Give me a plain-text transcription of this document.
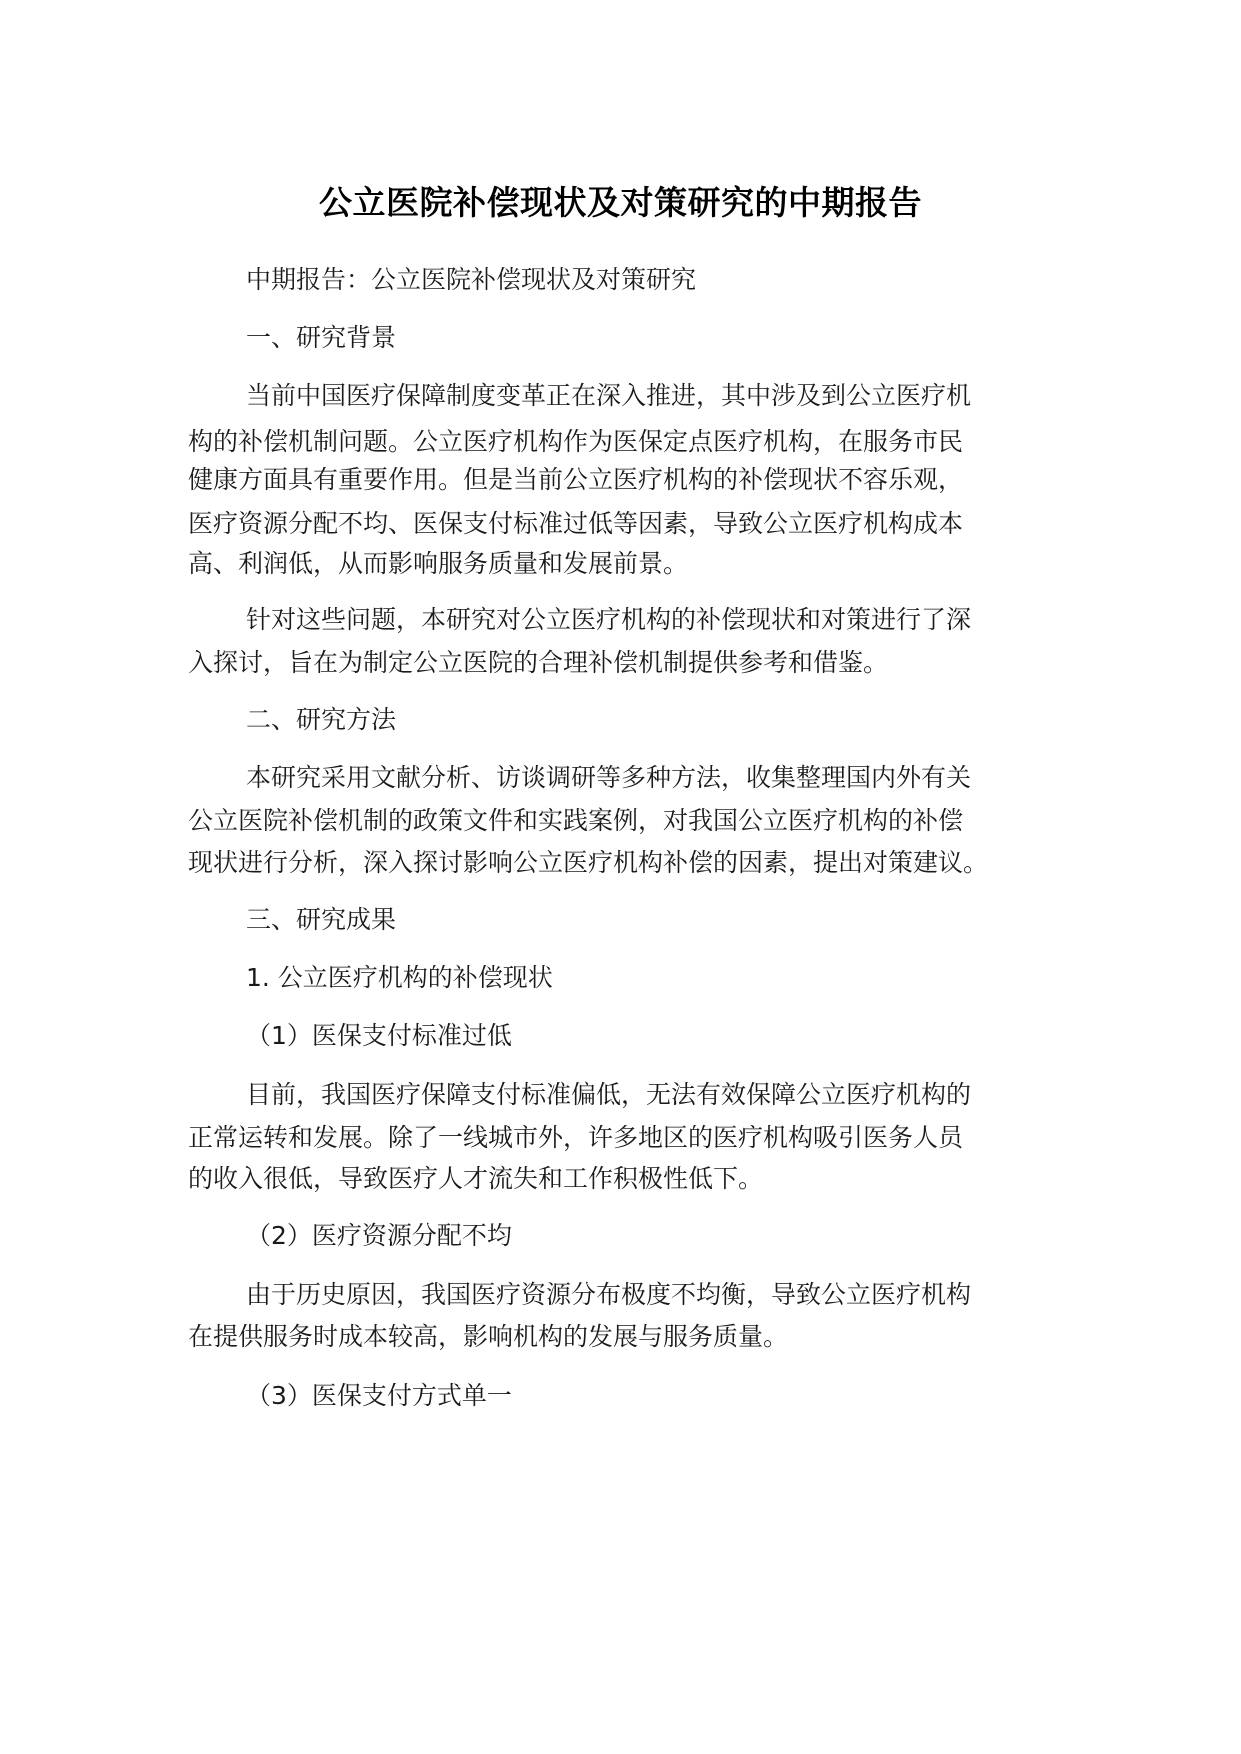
公立医院补偿现状及对策研究的中期报告
中期报告：公立医院补偿现状及对策研究
一、研究背景
当前中国医疗保障制度变革正在深入推进，其中涉及到公立医疗机
构的补偿机制问题。公立医疗机构作为医保定点医疗机构，在服务市民
健康方面具有重要作用。但是当前公立医疗机构的补偿现状不容乐观，
医疗资源分配不均、医保支付标准过低等因素，导致公立医疗机构成本
高、利润低，从而影响服务质量和发展前景。
针对这些问题，本研究对公立医疗机构的补偿现状和对策进行了深
入探讨，旨在为制定公立医院的合理补偿机制提供参考和借鉴。
二、研究方法
本研究采用文献分析、访谈调研等多种方法，收集整理国内外有关
公立医院补偿机制的政策文件和实践案例，对我国公立医疗机构的补偿
现状进行分析，深入探讨影响公立医疗机构补偿的因素，提出对策建议。
三、研究成果
1. 公立医疗机构的补偿现状
（1）医保支付标准过低
目前，我国医疗保障支付标准偏低，无法有效保障公立医疗机构的
正常运转和发展。除了一线城市外，许多地区的医疗机构吸引医务人员
的收入很低，导致医疗人才流失和工作积极性低下。
（2）医疗资源分配不均
由于历史原因，我国医疗资源分布极度不均衡，导致公立医疗机构
在提供服务时成本较高，影响机构的发展与服务质量。
（3）医保支付方式单一
